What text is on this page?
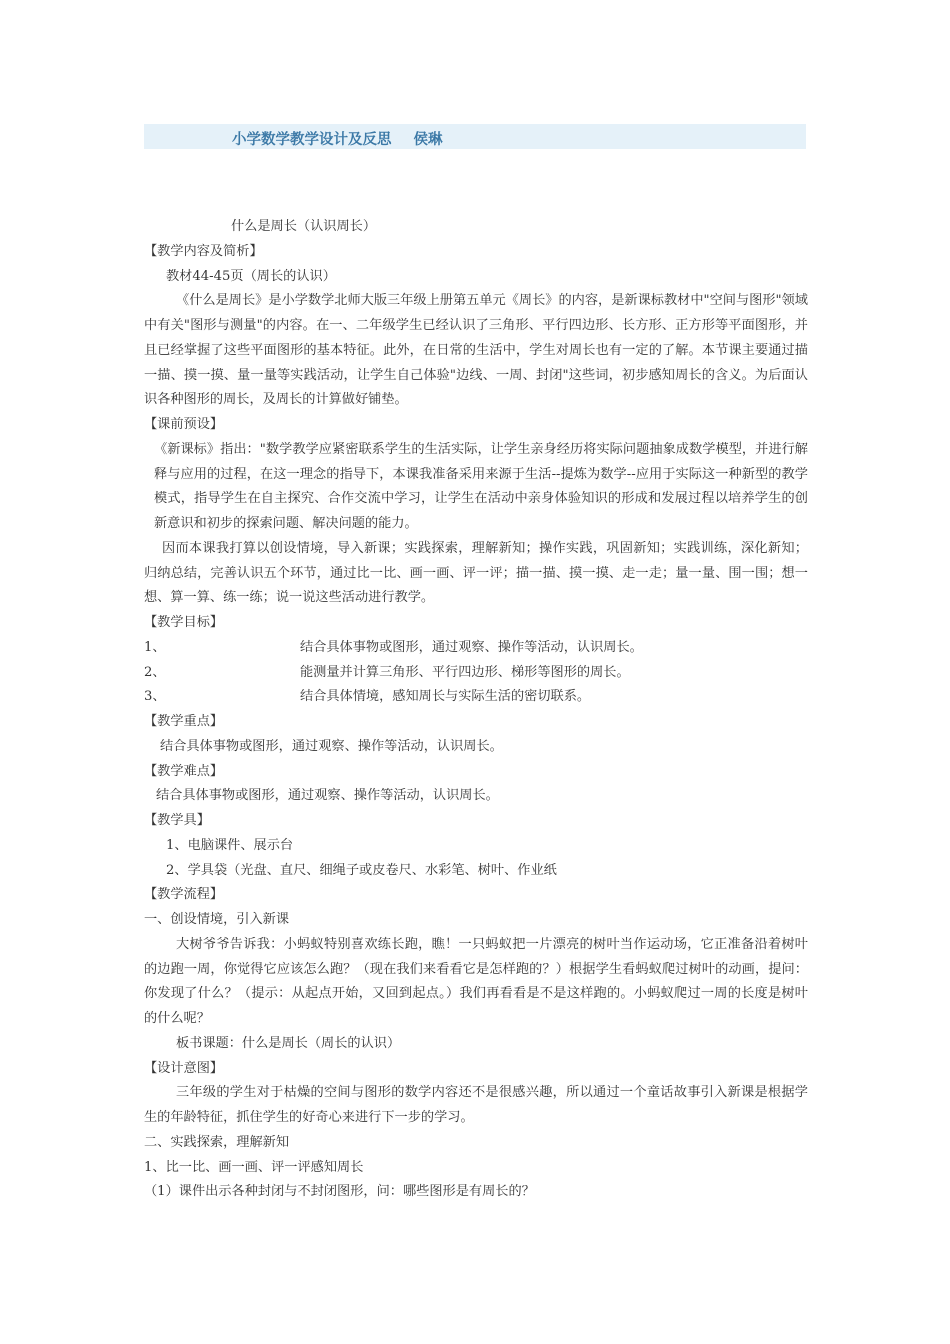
小学数学教学设计及反思 侯琳
什么是周长（认识周长）
【教学内容及简析】
教材44-45页（周长的认识）
《什么是周长》是小学数学北师大版三年级上册第五单元《周长》的内容，是新课标教材中"空间与图形"领域中有关"图形与测量"的内容。在一、二年级学生已经认识了三角形、平行四边形、长方形、正方形等平面图形，并且已经掌握了这些平面图形的基本特征。此外，在日常的生活中，学生对周长也有一定的了解。本节课主要通过描一描、摸一摸、量一量等实践活动，让学生自己体验"边线、一周、封闭"这些词，初步感知周长的含义。为后面认识各种图形的周长，及周长的计算做好铺垫。
【课前预设】
《新课标》指出："数学教学应紧密联系学生的生活实际，让学生亲身经历将实际问题抽象成数学模型，并进行解释与应用的过程，在这一理念的指导下，本课我准备采用来源于生活--提炼为数学--应用于实际这一种新型的教学模式，指导学生在自主探究、合作交流中学习，让学生在活动中亲身体验知识的形成和发展过程以培养学生的创新意识和初步的探索问题、解决问题的能力。
因而本课我打算以创设情境，导入新课；实践探索，理解新知；操作实践，巩固新知；实践训练，深化新知；归纳总结，完善认识五个环节，通过比一比、画一画、评一评；描一描、摸一摸、走一走；量一量、围一围；想一想、算一算、练一练；说一说这些活动进行教学。
【教学目标】
1、	结合具体事物或图形，通过观察、操作等活动，认识周长。
2、	能测量并计算三角形、平行四边形、梯形等图形的周长。
3、	结合具体情境，感知周长与实际生活的密切联系。
【教学重点】
结合具体事物或图形，通过观察、操作等活动，认识周长。
【教学难点】
结合具体事物或图形，通过观察、操作等活动，认识周长。
【教学具】
1、电脑课件、展示台
2、学具袋（光盘、直尺、细绳子或皮卷尺、水彩笔、树叶、作业纸
【教学流程】
一、创设情境，引入新课
大树爷爷告诉我：小蚂蚁特别喜欢练长跑，瞧！一只蚂蚁把一片漂亮的树叶当作运动场，它正准备沿着树叶的边跑一周，你觉得它应该怎么跑？（现在我们来看看它是怎样跑的？）根据学生看蚂蚁爬过树叶的动画，提问：你发现了什么？（提示：从起点开始，又回到起点。）我们再看看是不是这样跑的。小蚂蚁爬过一周的长度是树叶的什么呢？
板书课题：什么是周长（周长的认识）
【设计意图】
三年级的学生对于枯燥的空间与图形的数学内容还不是很感兴趣，所以通过一个童话故事引入新课是根据学生的年龄特征，抓住学生的好奇心来进行下一步的学习。
二、实践探索，理解新知
1、比一比、画一画、评一评感知周长
（1）课件出示各种封闭与不封闭图形，问：哪些图形是有周长的？
